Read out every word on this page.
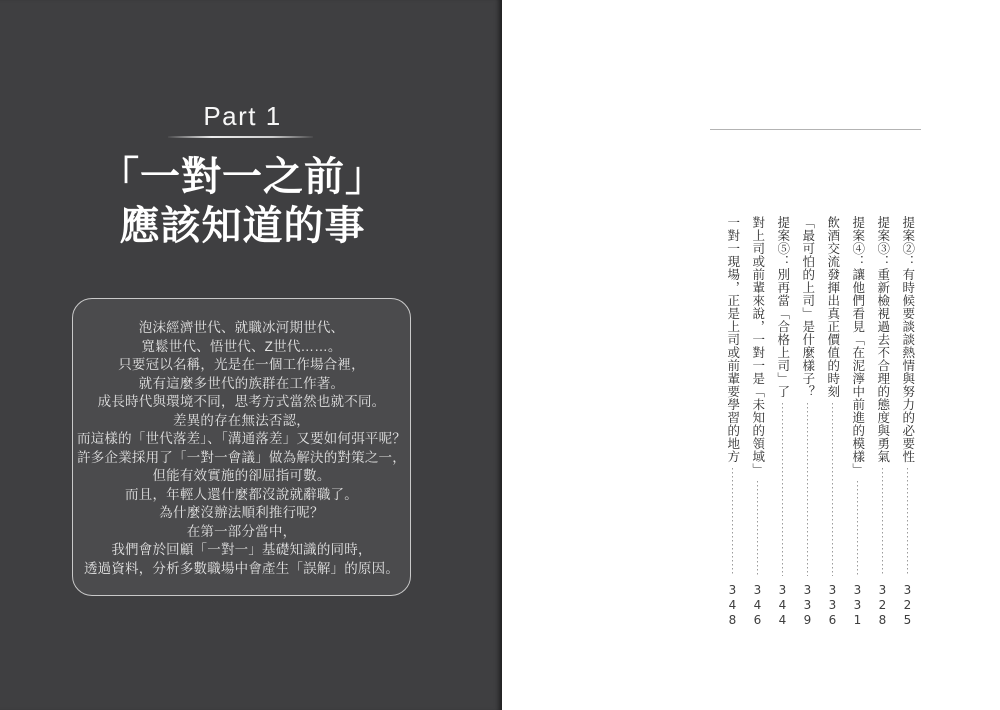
Part 1
「一對一之前」
應該知道的事
泡沫經濟世代、就職冰河期世代、
寬鬆世代、悟世代、Z世代……。
只要冠以名稱，光是在一個工作場合裡，
就有這麼多世代的族群在工作著。
成長時代與環境不同，思考方式當然也就不同。
差異的存在無法否認，
而這樣的「世代落差」、「溝通落差」又要如何弭平呢？
許多企業採用了「一對一會議」做為解決的對策之一，
但能有效實施的卻屈指可數。
而且，年輕人還什麼都沒說就辭職了。
為什麼沒辦法順利推行呢？
在第一部分當中，
我們會於回顧「一對一」基礎知識的同時，
透過資料，分析多數職場中會產生「誤解」的原因。
提案②：有時候要談談熱情與努力的必要性
325
提案③：重新檢視過去不合理的態度與勇氣
328
提案④：讓他們看見「在泥濘中前進的模樣」
331
飲酒交流發揮出真正價值的時刻
336
「最可怕的上司」是什麼樣子？
339
提案⑤：別再當「合格上司」了
344
對上司或前輩來說，一對一是「未知的領域」
346
一對一現場，正是上司或前輩要學習的地方
348
